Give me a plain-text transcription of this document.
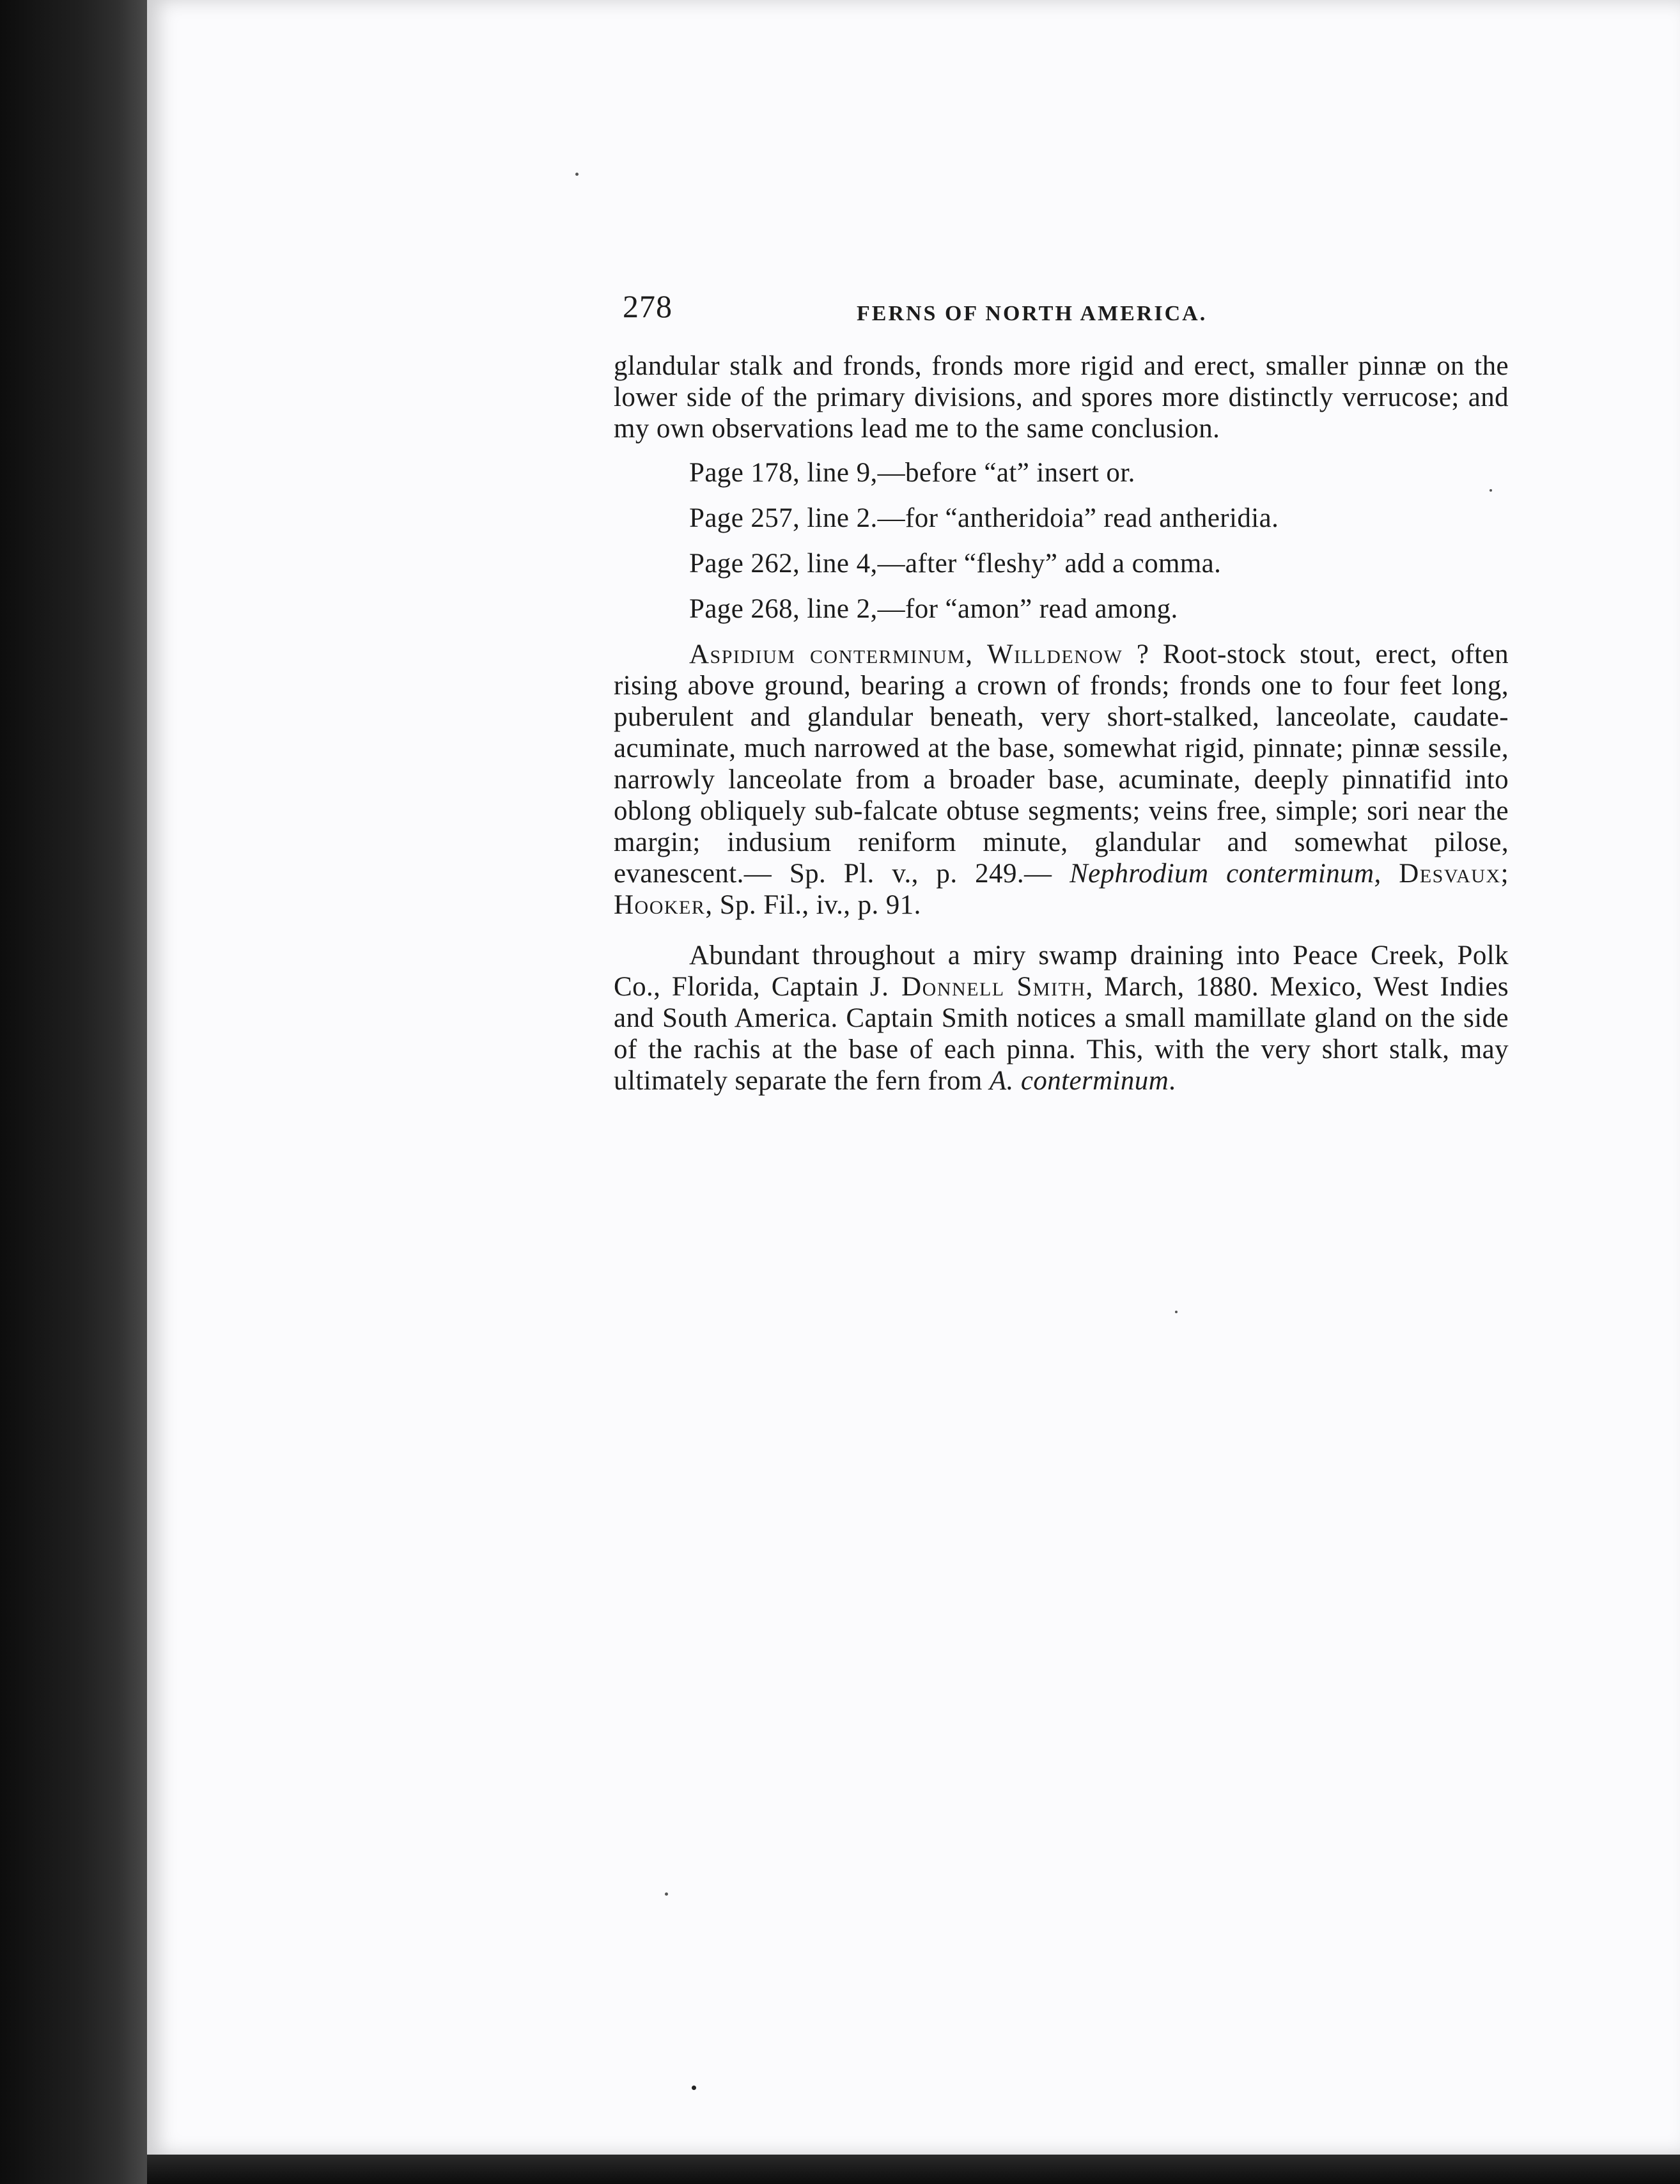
278	FERNS OF NORTH AMERICA.

glandular stalk and fronds, fronds more rigid and erect, smaller pinnæ on the lower side of the primary divisions, and spores more distinctly verrucose; and my own observations lead me to the same conclusion.

Page 178, line 9,—before “at” insert or.

Page 257, line 2.—for “antheridoia” read antheridia.

Page 262, line 4,—after “fleshy” add a comma.

Page 268, line 2,—for “amon” read among.

Aspidium conterminum, Willdenow ? Root-stock stout, erect, often rising above ground, bearing a crown of fronds; fronds one to four feet long, puberulent and glandular beneath, very short-stalked, lanceolate, caudate-acuminate, much narrowed at the base, somewhat rigid, pinnate; pinnæ sessile, narrowly lanceolate from a broader base, acuminate, deeply pinnatifid into oblong obliquely sub-falcate obtuse segments; veins free, simple; sori near the margin; indusium reniform minute, glandular and somewhat pilose, evanescent.— Sp. Pl. v., p. 249.— Nephrodium conterminum, Desvaux; Hooker, Sp. Fil., iv., p. 91.

Abundant throughout a miry swamp draining into Peace Creek, Polk Co., Florida, Captain J. Donnell Smith, March, 1880. Mexico, West Indies and South America. Captain Smith notices a small mamillate gland on the side of the rachis at the base of each pinna. This, with the very short stalk, may ultimately separate the fern from A. conterminum.
